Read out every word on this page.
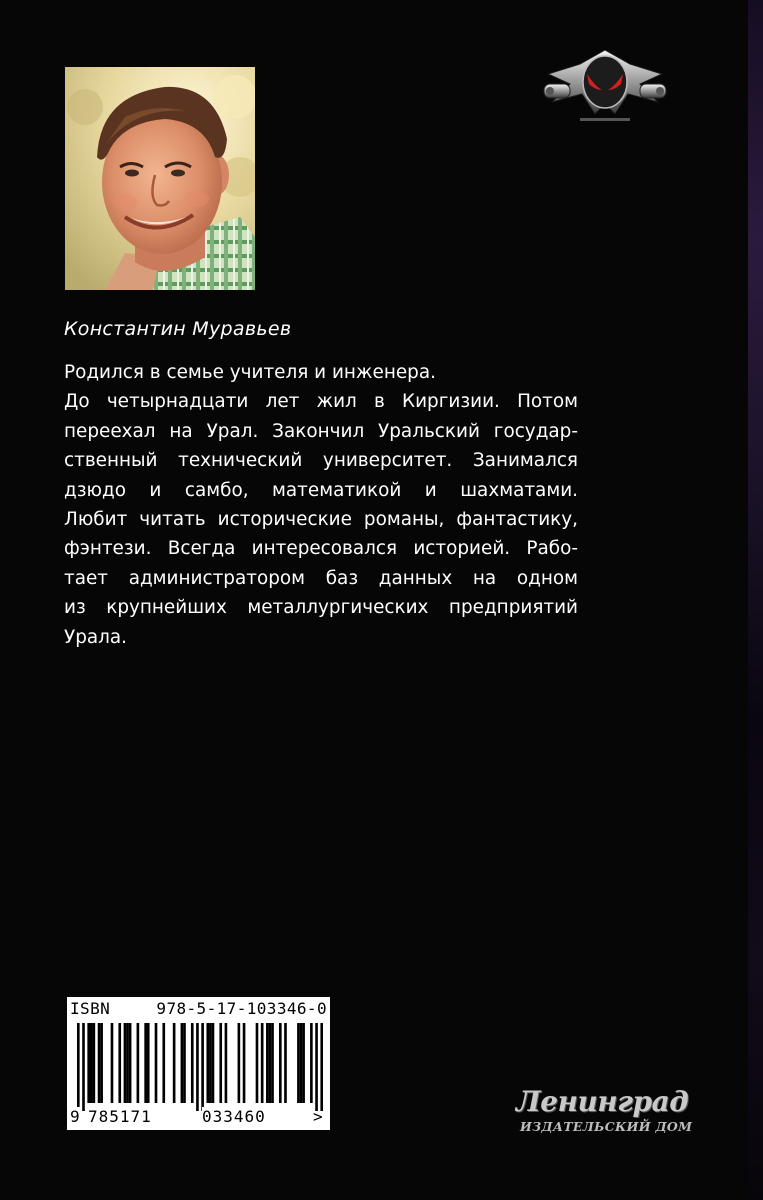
Константин Муравьев
Родился в семье учителя и инженера.
До четырнадцати лет жил в Киргизии. Потом
переехал на Урал. Закончил Уральский государ-
ственный технический университет. Занимался
дзюдо и самбо, математикой и шахматами.
Любит читать исторические романы, фантастику,
фэнтези. Всегда интересовался историей. Рабо-
тает администратором баз данных на одном
из крупнейших металлургических предприятий
Урала.
ISBN 978-5-17-103346-0
9 785171	033460	>	Ленинград
ИЗДАТЕЛЬСКИЙ ДОМ
